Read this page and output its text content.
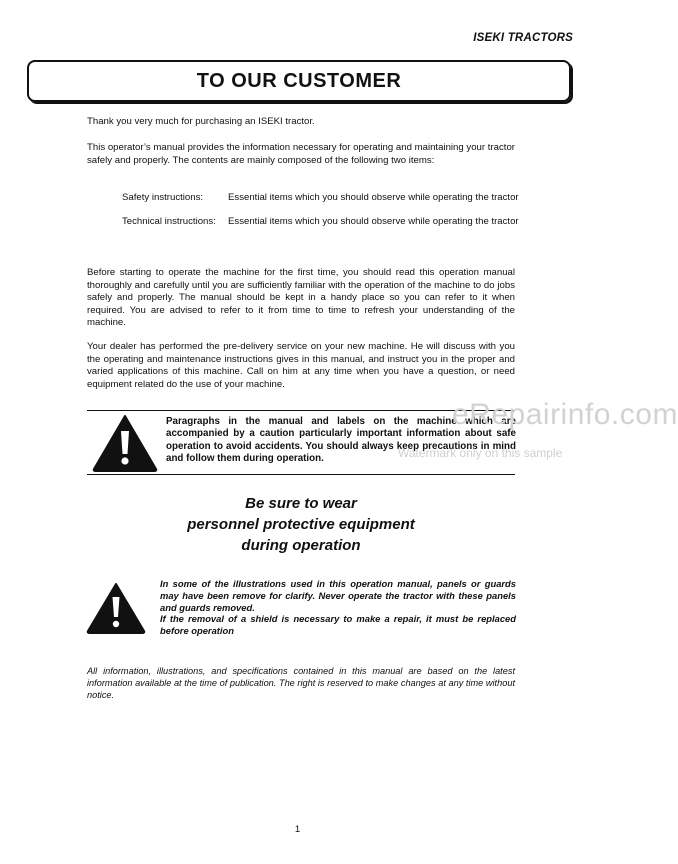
ISEKI TRACTORS
TO OUR CUSTOMER

Thank you very much for purchasing an ISEKI tractor.

This operator’s manual provides the information necessary for operating and maintaining your tractor safely and properly. The contents are mainly composed of the following two items:

Safety instructions:	Essential items which you should observe while operating the tractor
Technical instructions:	Essential items which you should observe while operating the tractor

Before starting to operate the machine for the first time, you should read this operation manual thoroughly and carefully until you are sufficiently familiar with the operation of the machine to do jobs safely and properly. The manual should be kept in a handy place so you can refer to it when required. You are advised to refer to it from time to time to refresh your understanding of the machine.

Your dealer has performed the pre-delivery service on your new machine. He will discuss with you the operating and maintenance instructions gives in this manual, and instruct you in the proper and varied applications of this machine. Call on him at any time when you have a question, or need equipment related do the use of your machine.

Paragraphs in the manual and labels on the machine which are accompanied by a caution particularly important information about safe operation to avoid accidents. You should always keep precautions in mind and follow them during operation.
eRepairinfo.com
Watermark only on this sample
Be sure to wear
personnel protective equipment
during operation
In some of the illustrations used in this operation manual, panels or guards may have been remove for clarify. Never operate the tractor with these panels and guards removed.
If the removal of a shield is necessary to make a repair, it must be replaced before operation
All information, illustrations, and specifications contained in this manual are based on the latest information available at the time of publication. The right is reserved to make changes at any time without notice.
1
